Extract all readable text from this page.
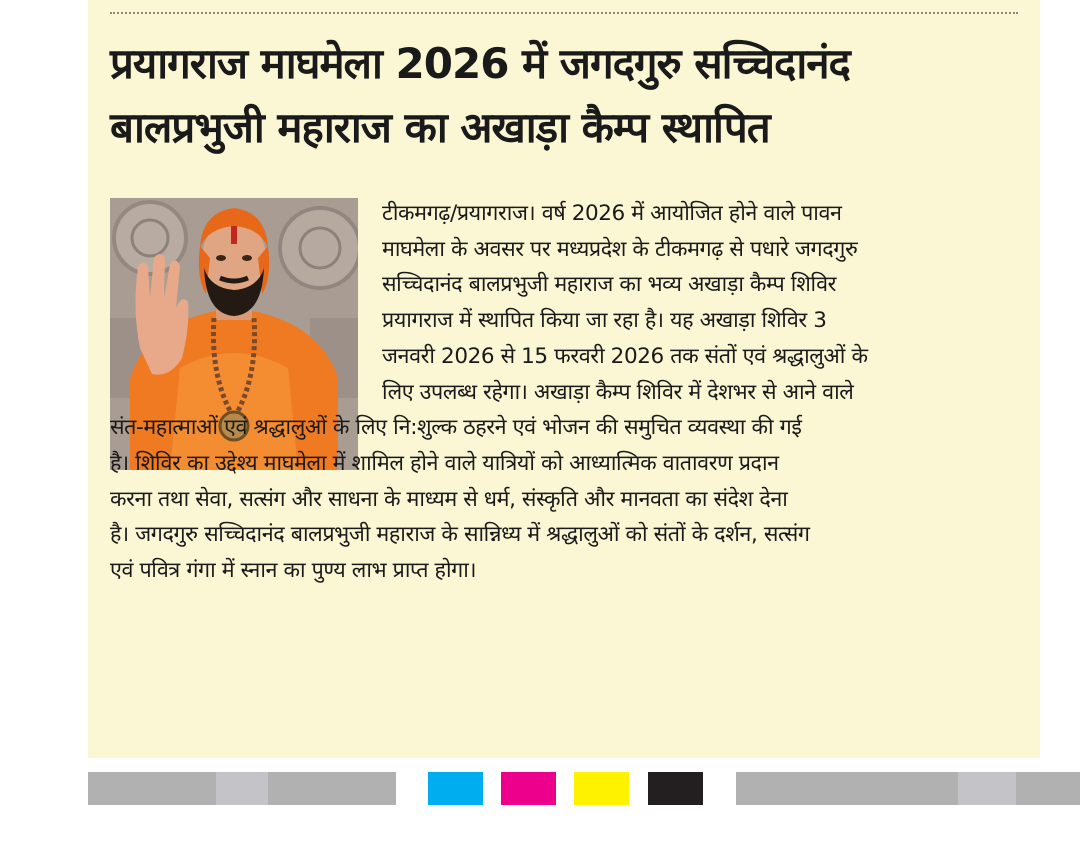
प्रयागराज माघमेला 2026 में जगदगुरु सच्चिदानंद
बालप्रभुजी महाराज का अखाड़ा कैम्प स्थापित

टीकमगढ़/प्रयागराज। वर्ष 2026 में आयोजित होने वाले पावन
माघमेला के अवसर पर मध्यप्रदेश के टीकमगढ़ से पधारे जगदगुरु
सच्चिदानंद बालप्रभुजी महाराज का भव्य अखाड़ा कैम्प शिविर
प्रयागराज में स्थापित किया जा रहा है। यह अखाड़ा शिविर 3
जनवरी 2026 से 15 फरवरी 2026 तक संतों एवं श्रद्धालुओं के
लिए उपलब्ध रहेगा। अखाड़ा कैम्प शिविर में देशभर से आने वाले
संत-महात्माओं एवं श्रद्धालुओं के लिए नि:शुल्क ठहरने एवं भोजन की समुचित व्यवस्था की गई
है। शिविर का उद्देश्य माघमेला में शामिल होने वाले यात्रियों को आध्यात्मिक वातावरण प्रदान
करना तथा सेवा, सत्संग और साधना के माध्यम से धर्म, संस्कृति और मानवता का संदेश देना
है। जगदगुरु सच्चिदानंद बालप्रभुजी महाराज के सान्निध्य में श्रद्धालुओं को संतों के दर्शन, सत्संग
एवं पवित्र गंगा में स्नान का पुण्य लाभ प्राप्त होगा।
